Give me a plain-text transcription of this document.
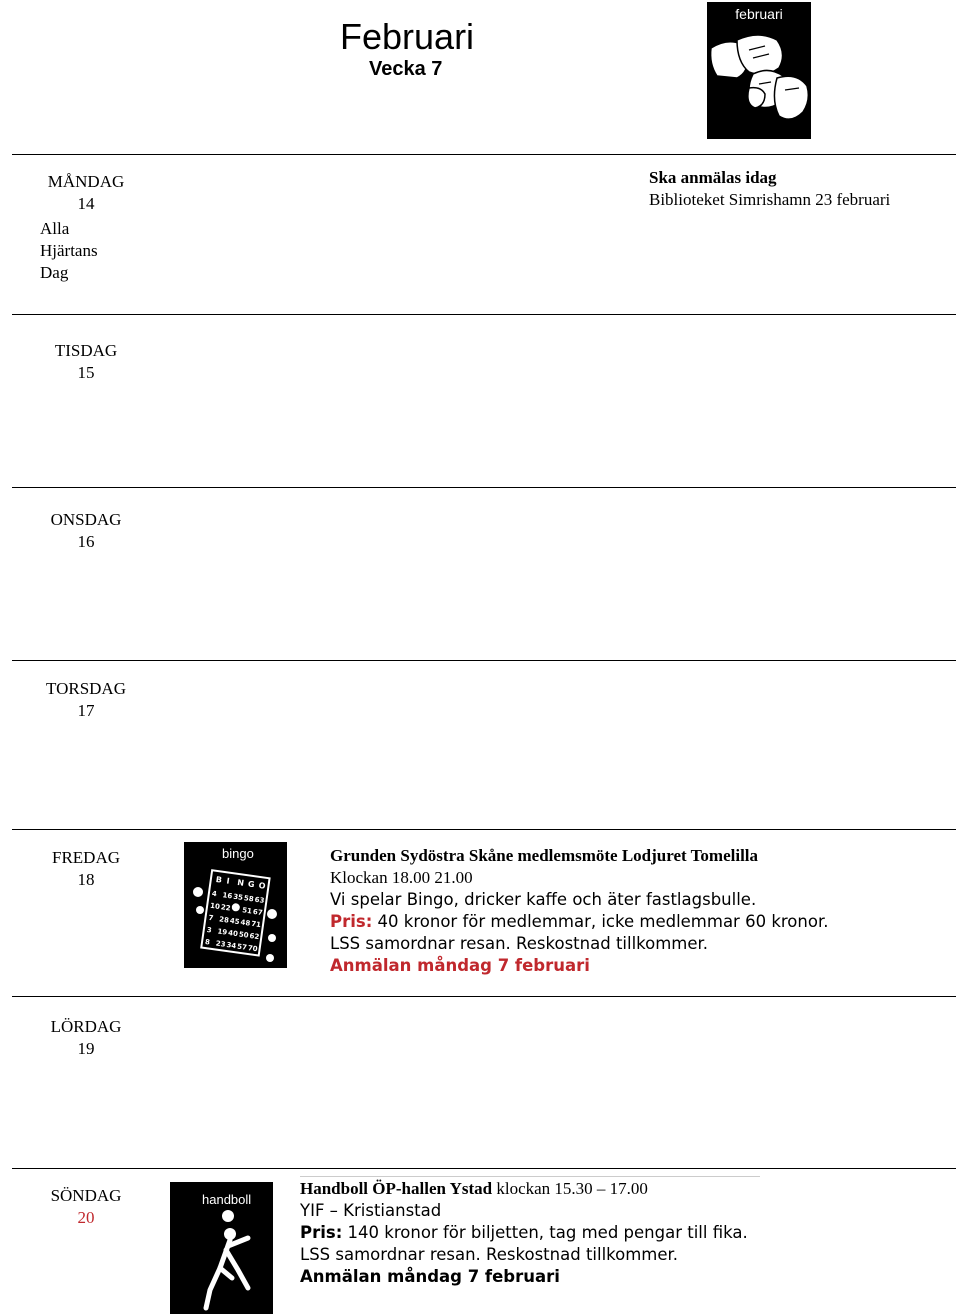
Februari
Vecka 7
februari
MÅNDAG
14
Alla
Hjärtans
Dag
Ska anmälas idag
Biblioteket Simrishamn 23 februari
TISDAG
15
ONSDAG
16
TORSDAG
17
FREDAG
18
bingo
B I N G O
4 16 35 58 63
10 22 51 67
7 28 45 48 71
3 19 40 50 62
8 23 34 57 70
Grunden Sydöstra Skåne medlemsmöte Lodjuret Tomelilla
Klockan 18.00 21.00
Vi spelar Bingo, dricker kaffe och äter fastlagsbulle.
Pris: 40 kronor för medlemmar, icke medlemmar 60 kronor.
LSS samordnar resan. Reskostnad tillkommer.
Anmälan måndag 7 februari
LÖRDAG
19
SÖNDAG
20
handboll
Handboll ÖP-hallen Ystad klockan 15.30 – 17.00
YIF – Kristianstad
Pris: 140 kronor för biljetten, tag med pengar till fika.
LSS samordnar resan. Reskostnad tillkommer.
Anmälan måndag 7 februari
